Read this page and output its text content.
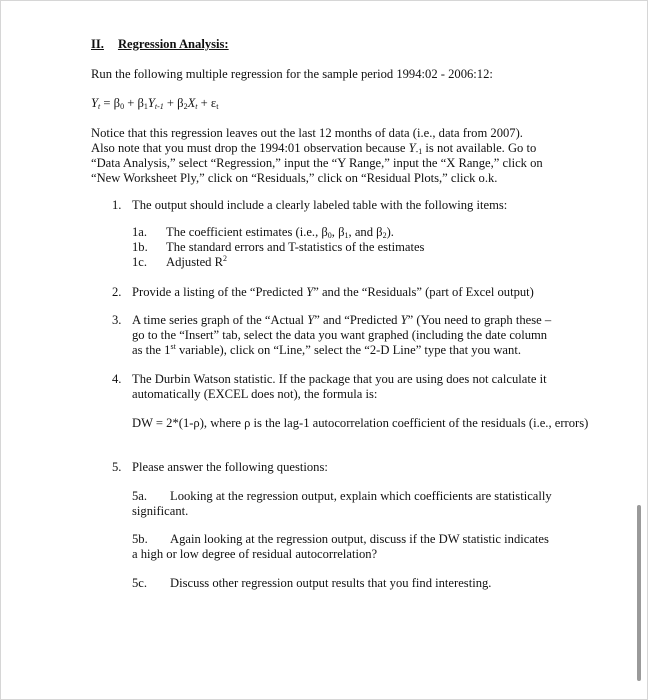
II. Regression Analysis:
Run the following multiple regression for the sample period 1994:02 - 2006:12:
$Y_t = \beta_0 + \beta_1Y_{t-1} + \beta_2X_t + \varepsilon_t$
Notice that this regression leaves out the last 12 months of data (i.e., data from 2007).
Also note that you must drop the 1994:01 observation because $Y_{-1}$ is not available. Go to
“Data Analysis,” select “Regression,” input the “Y Range,” input the “X Range,” click on
“New Worksheet Ply,” click on “Residuals,” click on “Residual Plots,” click o.k.
1. The output should include a clearly labeled table with the following items:
1a. The coefficient estimates (i.e., $\beta_0$, $\beta_1$, and $\beta_2$).
1b. The standard errors and T-statistics of the estimates
1c. Adjusted $R^2$
2. Provide a listing of the “Predicted Y” and the “Residuals” (part of Excel output)
3. A time series graph of the “Actual Y” and “Predicted Y” (You need to graph these –
go to the “Insert” tab, select the data you want graphed (including the date column
as the 1st variable), click on “Line,” select the “2-D Line” type that you want.
4. The Durbin Watson statistic. If the package that you are using does not calculate it
automatically (EXCEL does not), the formula is:
DW = 2*(1-ρ), where ρ is the lag-1 autocorrelation coefficient of the residuals (i.e., errors)
5. Please answer the following questions:
5a. Looking at the regression output, explain which coefficients are statistically
significant.
5b. Again looking at the regression output, discuss if the DW statistic indicates
a high or low degree of residual autocorrelation?
5c. Discuss other regression output results that you find interesting.
